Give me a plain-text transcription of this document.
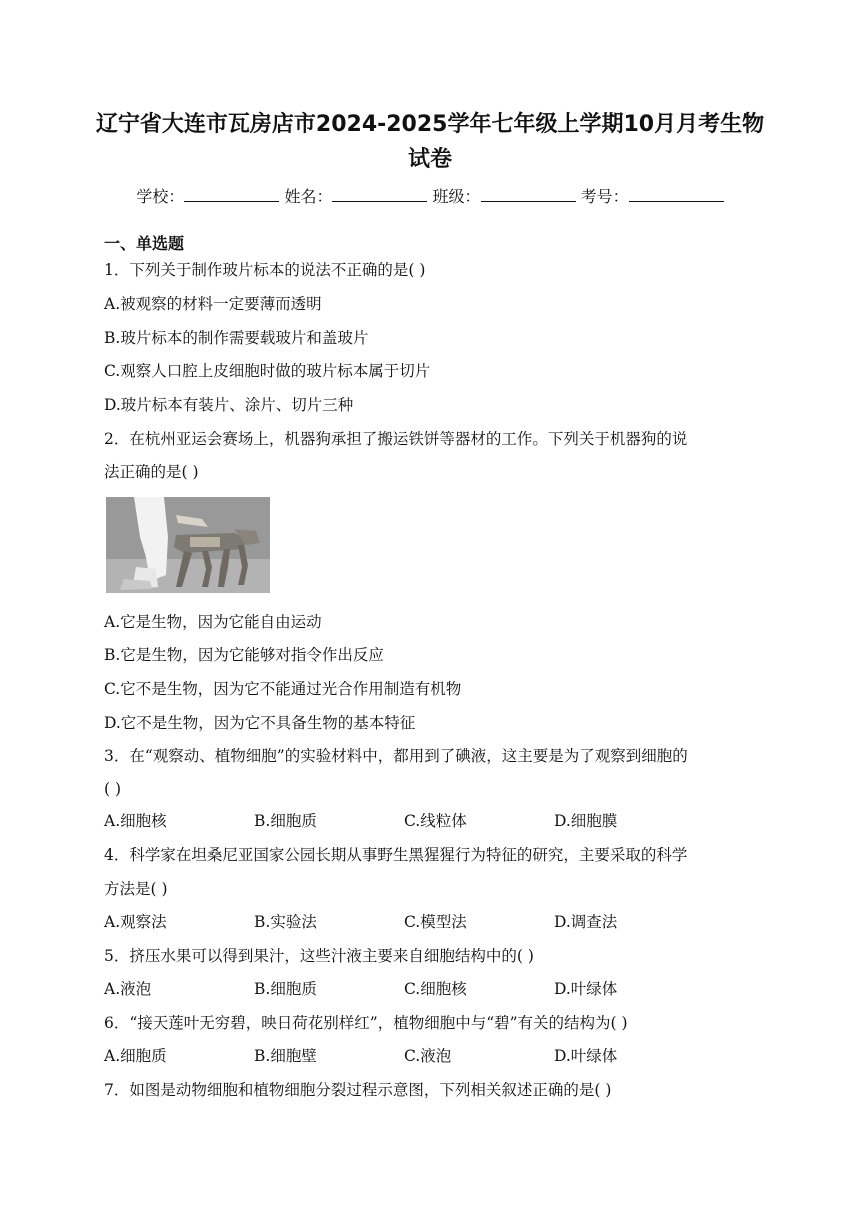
辽宁省大连市瓦房店市2024-2025学年七年级上学期10月月考生物
试卷
学校：	姓名：	班级：	考号：
一、单选题
1．下列关于制作玻片标本的说法不正确的是( )
A.被观察的材料一定要薄而透明
B.玻片标本的制作需要载玻片和盖玻片
C.观察人口腔上皮细胞时做的玻片标本属于切片
D.玻片标本有装片、涂片、切片三种
2．在杭州亚运会赛场上，机器狗承担了搬运铁饼等器材的工作。下列关于机器狗的说
法正确的是( )
A.它是生物，因为它能自由运动
B.它是生物，因为它能够对指令作出反应
C.它不是生物，因为它不能通过光合作用制造有机物
D.它不是生物，因为它不具备生物的基本特征
3．在“观察动、植物细胞”的实验材料中，都用到了碘液，这主要是为了观察到细胞的
( )
A.细胞核	B.细胞质	C.线粒体	D.细胞膜
4．科学家在坦桑尼亚国家公园长期从事野生黑猩猩行为特征的研究，主要采取的科学
方法是( )
A.观察法	B.实验法	C.模型法	D.调查法
5．挤压水果可以得到果汁，这些汁液主要来自细胞结构中的( )
A.液泡	B.细胞质	C.细胞核	D.叶绿体
6．“接天莲叶无穷碧，映日荷花别样红”，植物细胞中与“碧”有关的结构为( )
A.细胞质	B.细胞壁	C.液泡	D.叶绿体
7．如图是动物细胞和植物细胞分裂过程示意图，下列相关叙述正确的是( )
